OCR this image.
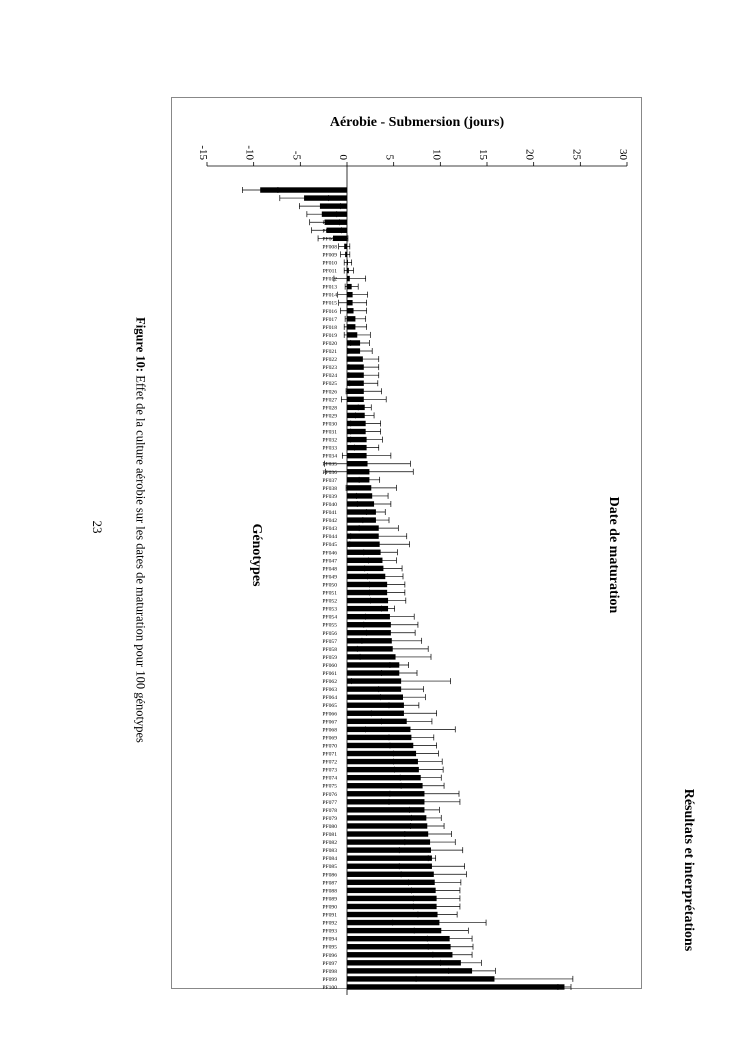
Résultats et interprétations
-15	-10	-5	0	5	10	15	20	25	30
PF001
PF002
PF003
PF004
PF005
PF006
PF007
PF008
PF009
PF010
PF011
PF012
PF013
PF014
PF015
PF016
PF017
PF018
PF019
PF020
PF021
PF022
PF023
PF024
PF025
PF026
PF027
PF028
PF029
PF030
PF031
PF032
PF033
PF034
PF035
PF036
PF037
PF038
PF039
PF040
PF041
PF042
PF043
PF044
PF045
PF046
PF047
PF048
PF049
PF050
PF051
PF052
PF053
PF054
PF055
PF056
PF057
PF058
PF059
PF060
PF061
PF062
PF063
PF064
PF065
PF066
PF067
PF068
PF069
PF070
PF071
PF072
PF073
PF074
PF075
PF076
PF077
PF078
PF079
PF080
PF081
PF082
PF083
PF084
PF085
PF086
PF087
PF088
PF089
PF090
PF091
PF092
PF093
PF094
PF095
PF096
PF097
PF098
PF099
PF100
Aérobie - Submersion (jours)
Date de maturation
Génotypes
Figure 10: Effet de la culture aérobie sur les dates de maturation pour 100 génotypes
23
